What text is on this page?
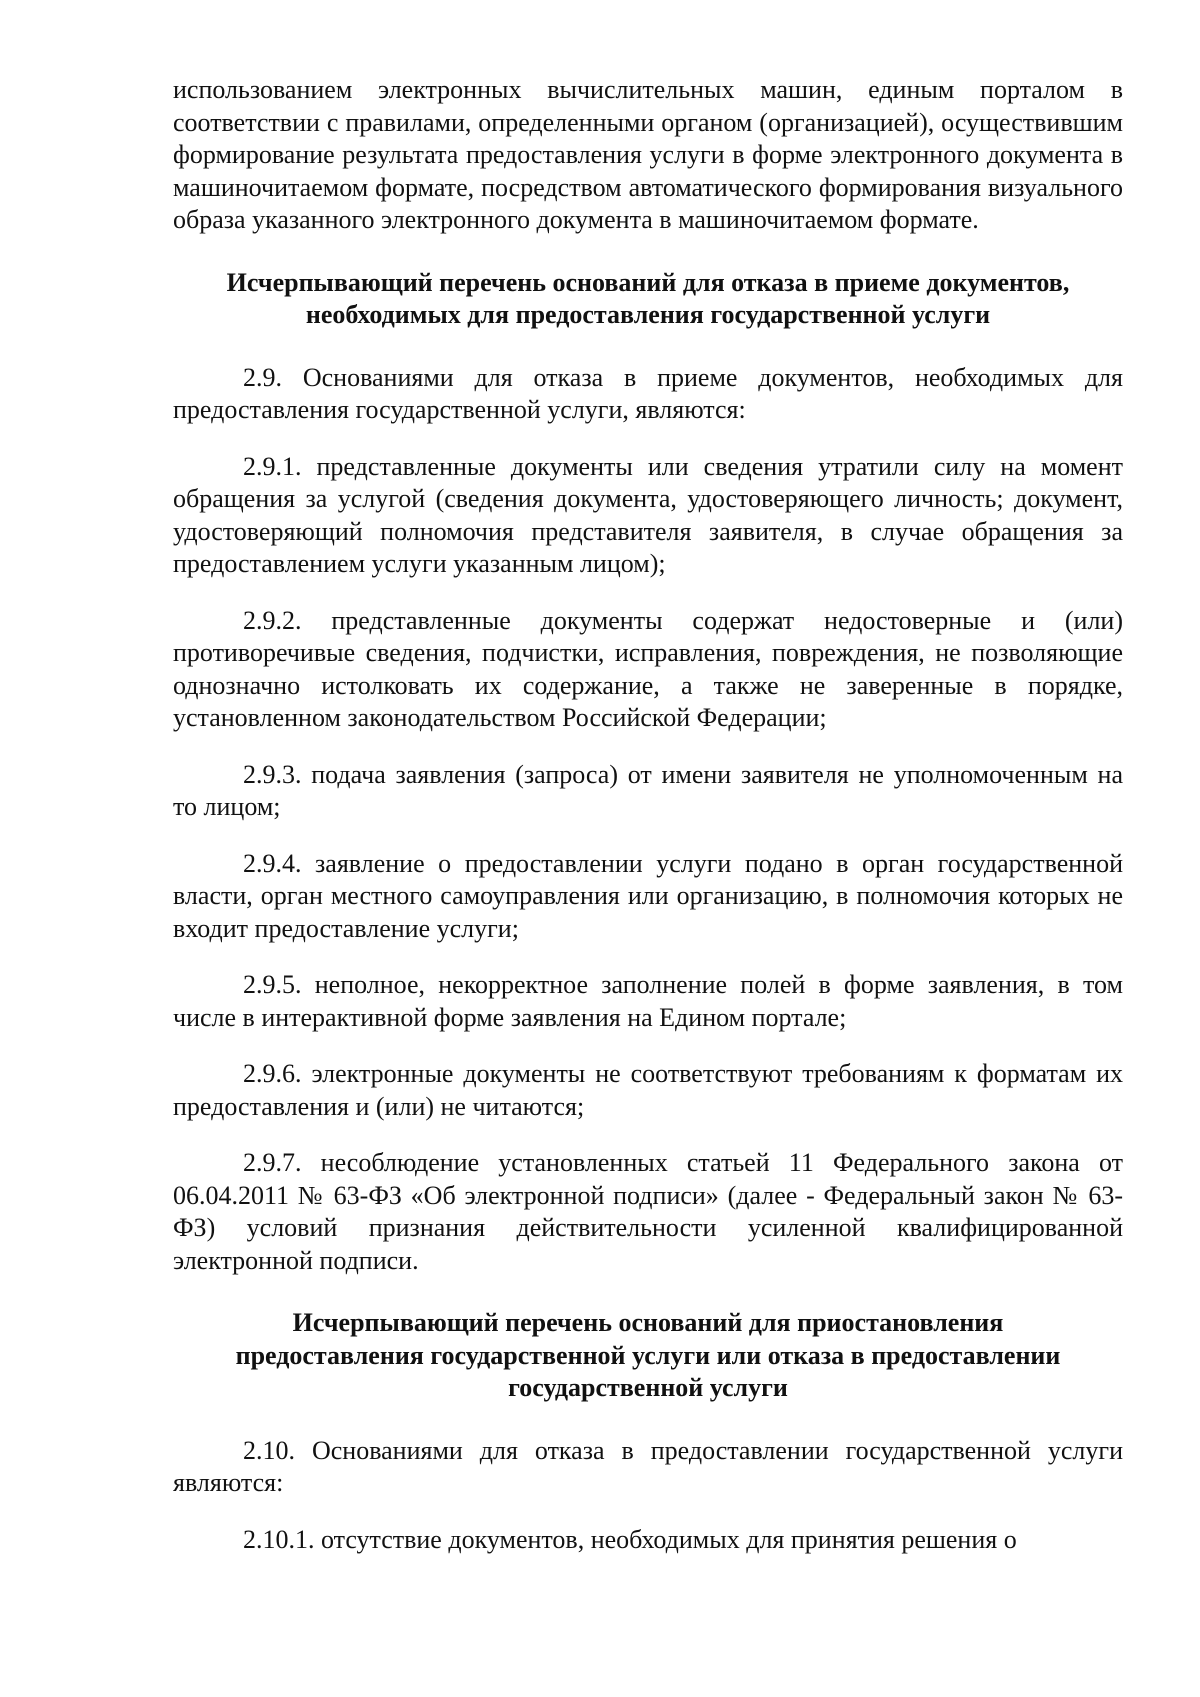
использованием электронных вычислительных машин, единым порталом в соответствии с правилами, определенными органом (организацией), осуществившим формирование результата предоставления услуги в форме электронного документа в машиночитаемом формате, посредством автоматического формирования визуального образа указанного электронного документа в машиночитаемом формате.

Исчерпывающий перечень оснований для отказа в приеме документов, необходимых для предоставления государственной услуги

2.9. Основаниями для отказа в приеме документов, необходимых для предоставления государственной услуги, являются:

2.9.1. представленные документы или сведения утратили силу на момент обращения за услугой (сведения документа, удостоверяющего личность; документ, удостоверяющий полномочия представителя заявителя, в случае обращения за предоставлением услуги указанным лицом);

2.9.2. представленные документы содержат недостоверные и (или) противоречивые сведения, подчистки, исправления, повреждения, не позволяющие однозначно истолковать их содержание, а также не заверенные в порядке, установленном законодательством Российской Федерации;

2.9.3. подача заявления (запроса) от имени заявителя не уполномоченным на то лицом;

2.9.4. заявление о предоставлении услуги подано в орган государственной власти, орган местного самоуправления или организацию, в полномочия которых не входит предоставление услуги;

2.9.5. неполное, некорректное заполнение полей в форме заявления, в том числе в интерактивной форме заявления на Едином портале;

2.9.6. электронные документы не соответствуют требованиям к форматам их предоставления и (или) не читаются;

2.9.7. несоблюдение установленных статьей 11 Федерального закона от 06.04.2011 № 63-ФЗ «Об электронной подписи» (далее - Федеральный закон № 63-ФЗ) условий признания действительности усиленной квалифицированной электронной подписи.

Исчерпывающий перечень оснований для приостановления предоставления государственной услуги или отказа в предоставлении государственной услуги

2.10. Основаниями для отказа в предоставлении государственной услуги являются:

2.10.1. отсутствие документов, необходимых для принятия решения о
